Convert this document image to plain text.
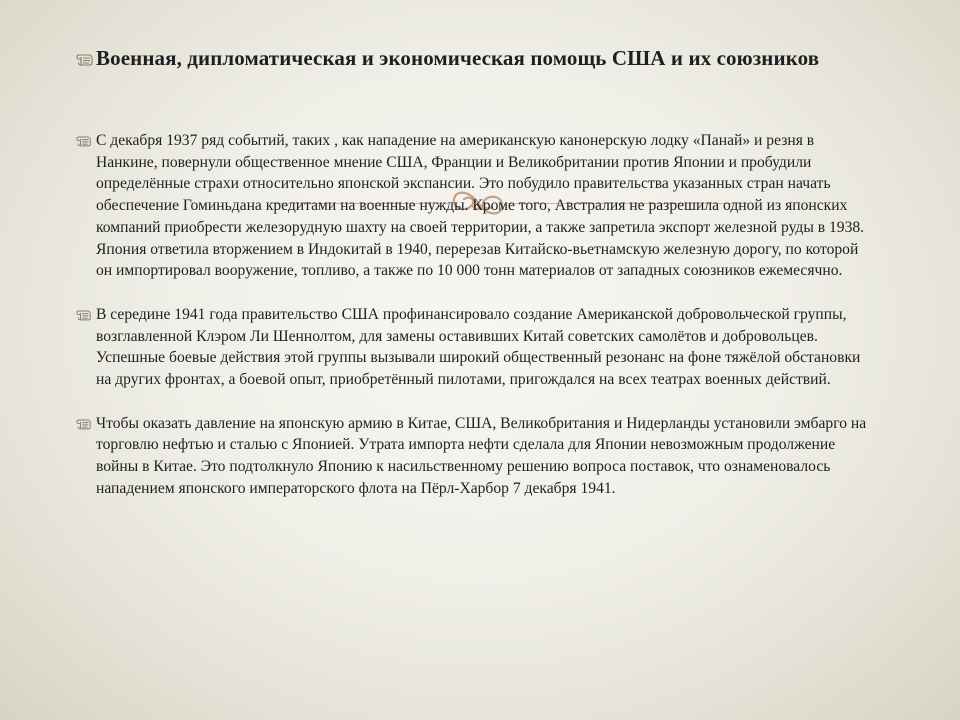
Военная, дипломатическая и экономическая помощь США и их союзников
С декабря 1937 ряд событий, таких , как нападение на американскую канонерскую лодку «Панай» и резня в Нанкине, повернули общественное мнение США, Франции и Великобритании против Японии и пробудили определённые страхи относительно японской экспансии. Это побудило правительства указанных стран начать обеспечение Гоминьдана кредитами на военные нужды. Кроме того, Австралия не разрешила одной из японских компаний приобрести железорудную шахту на своей территории, а также запретила экспорт железной руды в 1938. Япония ответила вторжением в Индокитай в 1940, перерезав Китайско-вьетнамскую железную дорогу, по которой он импортировал вооружение, топливо, а также по 10 000 тонн материалов от западных союзников ежемесячно.
В середине 1941 года правительство США профинансировало создание Американской добровольческой группы, возглавленной Клэром Ли Шеннолтом, для замены оставивших Китай советских самолётов и добровольцев. Успешные боевые действия этой группы вызывали широкий общественный резонанс на фоне тяжёлой обстановки на других фронтах, а боевой опыт, приобретённый пилотами, пригождался на всех театрах военных действий.
Чтобы оказать давление на японскую армию в Китае, США, Великобритания и Нидерланды установили эмбарго на торговлю нефтью и сталью с Японией. Утрата импорта нефти сделала для Японии невозможным продолжение войны в Китае. Это подтолкнуло Японию к насильственному решению вопроса поставок, что ознаменовалось нападением японского императорского флота на Пёрл-Харбор 7 декабря 1941.
